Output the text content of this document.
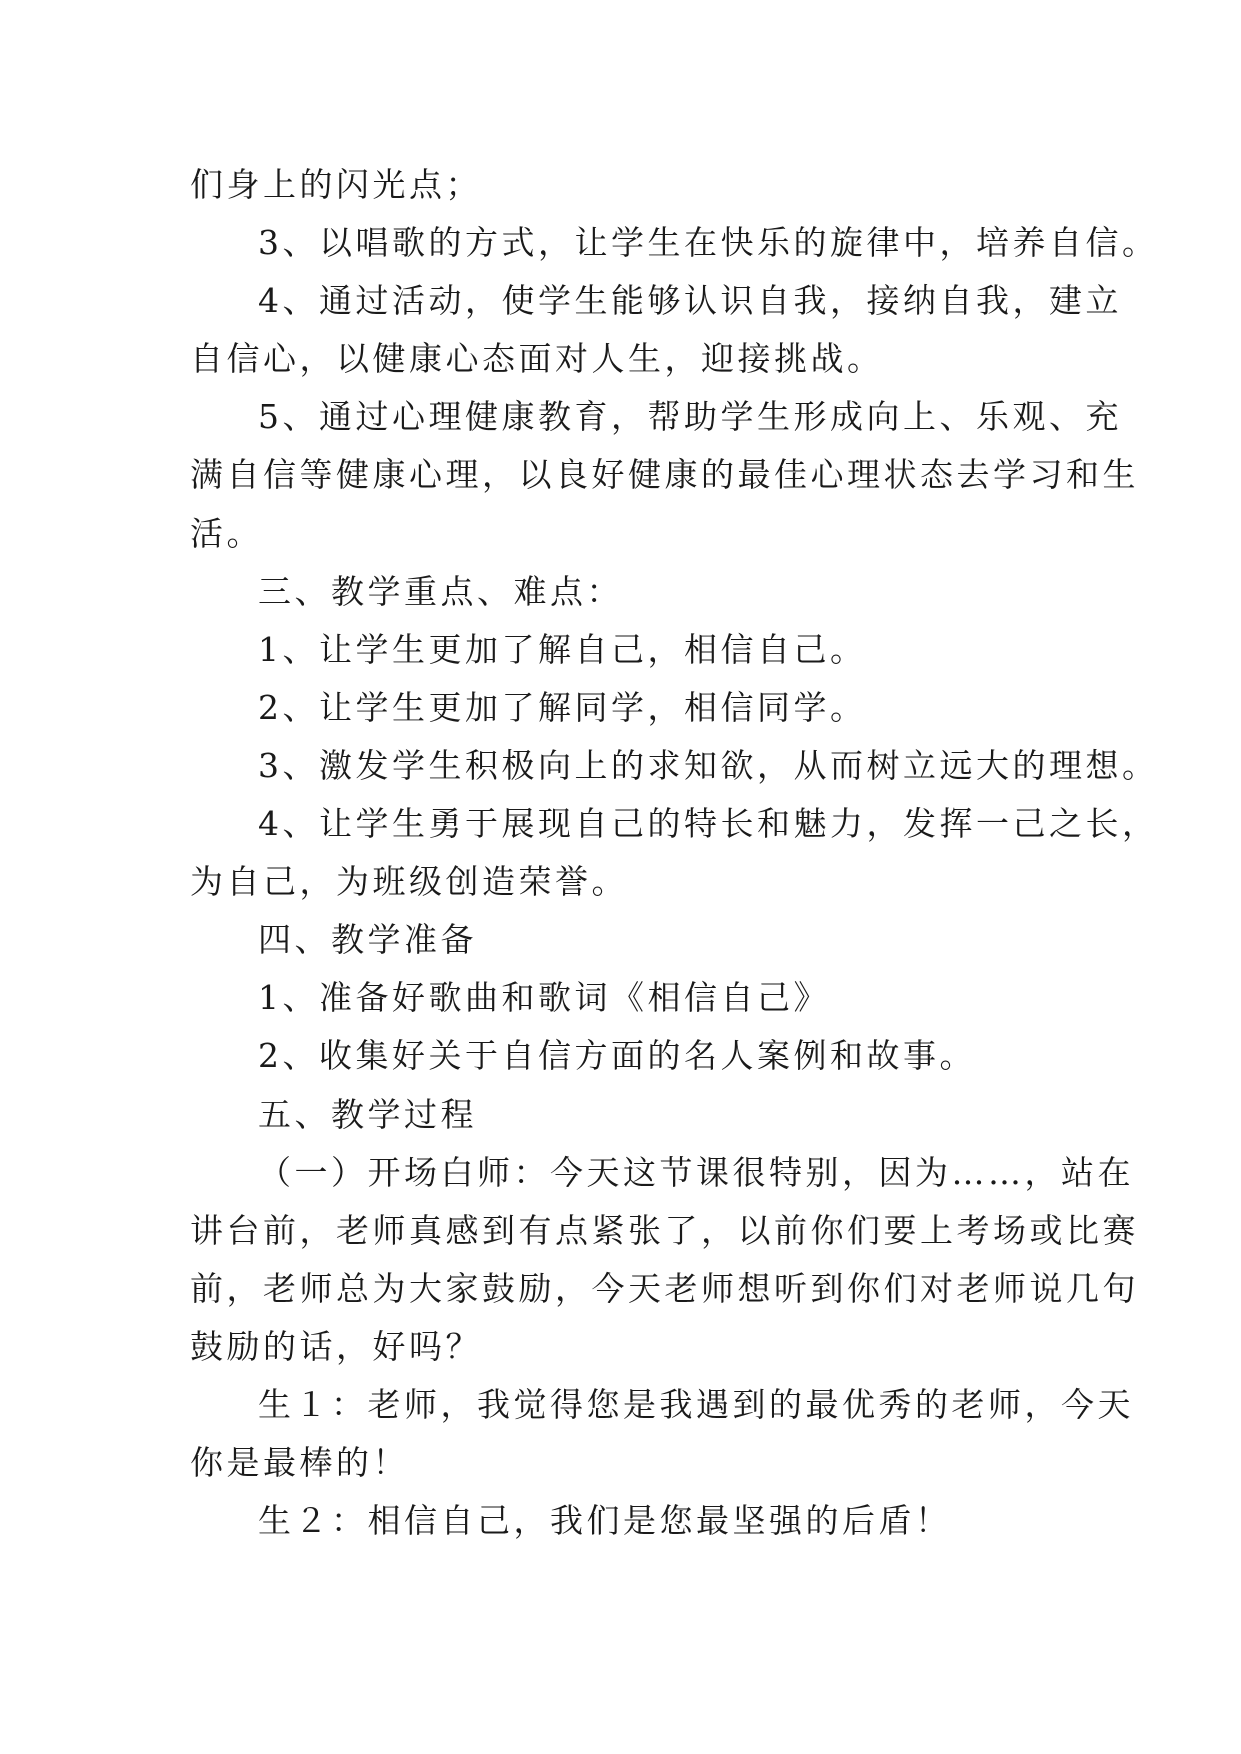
们身上的闪光点；
3、以唱歌的方式，让学生在快乐的旋律中，培养自信。
4、通过活动，使学生能够认识自我，接纳自我，建立
自信心，以健康心态面对人生，迎接挑战。
5、通过心理健康教育，帮助学生形成向上、乐观、充
满自信等健康心理，以良好健康的最佳心理状态去学习和生
活。
三、教学重点、难点：
1、让学生更加了解自己，相信自己。
2、让学生更加了解同学，相信同学。
3、激发学生积极向上的求知欲，从而树立远大的理想。
4、让学生勇于展现自己的特长和魅力，发挥一己之长，
为自己，为班级创造荣誉。
四、教学准备
1、准备好歌曲和歌词《相信自己》
2、收集好关于自信方面的名人案例和故事。
五、教学过程
（一）开场白师：今天这节课很特别，因为……，站在
讲台前，老师真感到有点紧张了，以前你们要上考场或比赛
前，老师总为大家鼓励，今天老师想听到你们对老师说几句
鼓励的话，好吗？
生１：老师，我觉得您是我遇到的最优秀的老师，今天
你是最棒的！
生２：相信自己，我们是您最坚强的后盾！
